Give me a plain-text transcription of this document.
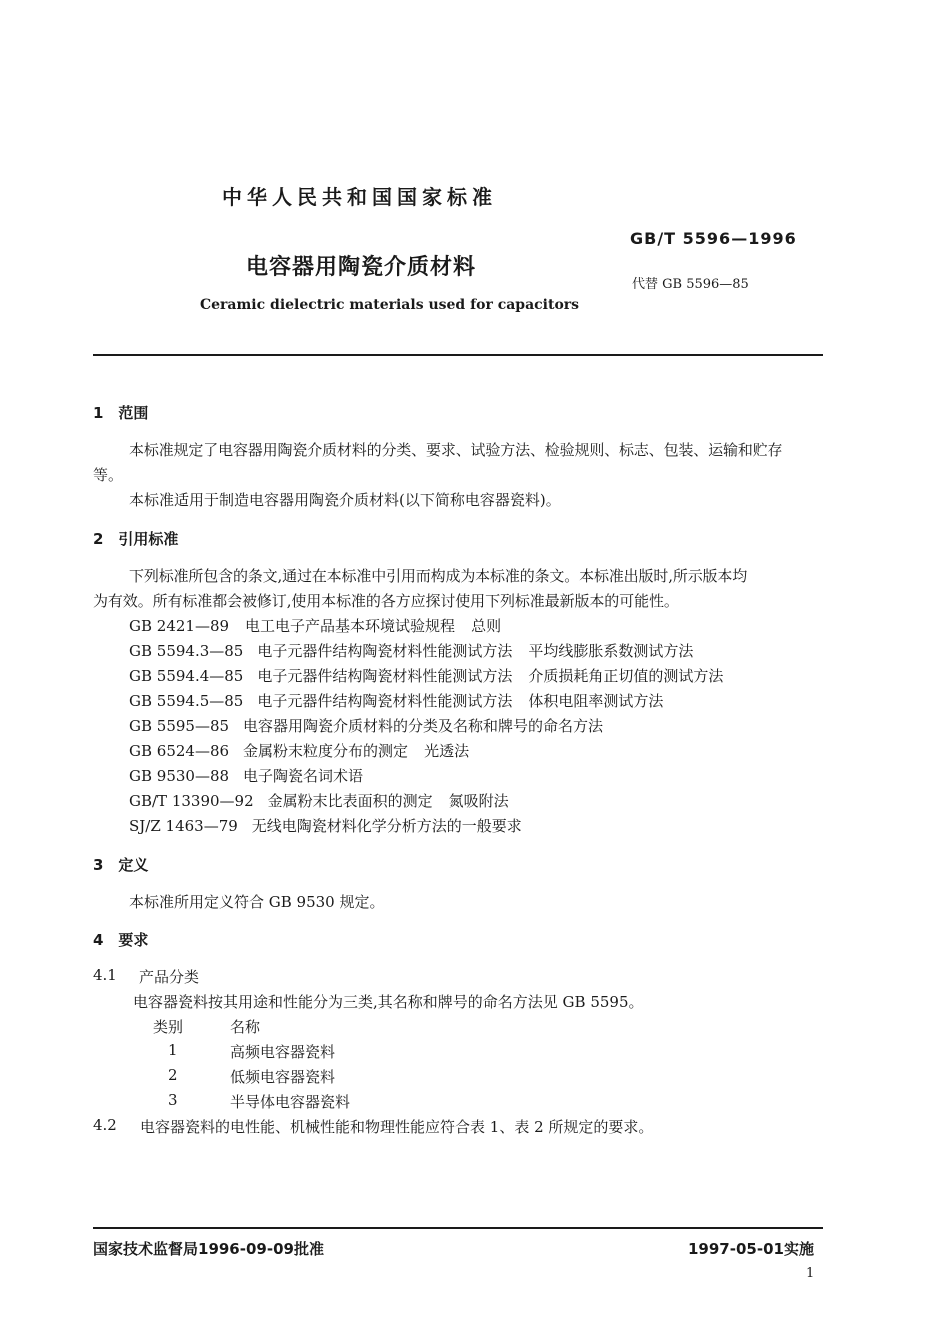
中华人民共和国国家标准
GB/T 5596—1996
电容器用陶瓷介质材料
代替 GB 5596—85
Ceramic dielectric materials used for capacitors
1　范围
本标准规定了电容器用陶瓷介质材料的分类、要求、试验方法、检验规则、标志、包装、运输和贮存
等。
本标准适用于制造电容器用陶瓷介质材料(以下简称电容器瓷料)。
2　引用标准
下列标准所包含的条文,通过在本标准中引用而构成为本标准的条文。本标准出版时,所示版本均
为有效。所有标准都会被修订,使用本标准的各方应探讨使用下列标准最新版本的可能性。
GB 2421—89 电工电子产品基本环境试验规程 总则
GB 5594.3—85 电子元器件结构陶瓷材料性能测试方法 平均线膨胀系数测试方法
GB 5594.4—85 电子元器件结构陶瓷材料性能测试方法 介质损耗角正切值的测试方法
GB 5594.5—85 电子元器件结构陶瓷材料性能测试方法 体积电阻率测试方法
GB 5595—85 电容器用陶瓷介质材料的分类及名称和牌号的命名方法
GB 6524—86 金属粉末粒度分布的测定 光透法
GB 9530—88 电子陶瓷名词术语
GB/T 13390—92 金属粉末比表面积的测定 氮吸附法
SJ/Z 1463—79 无线电陶瓷材料化学分析方法的一般要求
3　定义
本标准所用定义符合 GB 9530 规定。
4　要求
4.1 产品分类
电容器瓷料按其用途和性能分为三类,其名称和牌号的命名方法见 GB 5595。
类别	名称
1	高频电容器瓷料
2	低频电容器瓷料
3	半导体电容器瓷料
4.2 电容器瓷料的电性能、机械性能和物理性能应符合表 1、表 2 所规定的要求。
国家技术监督局1996-09-09批准	1997-05-01实施
1
